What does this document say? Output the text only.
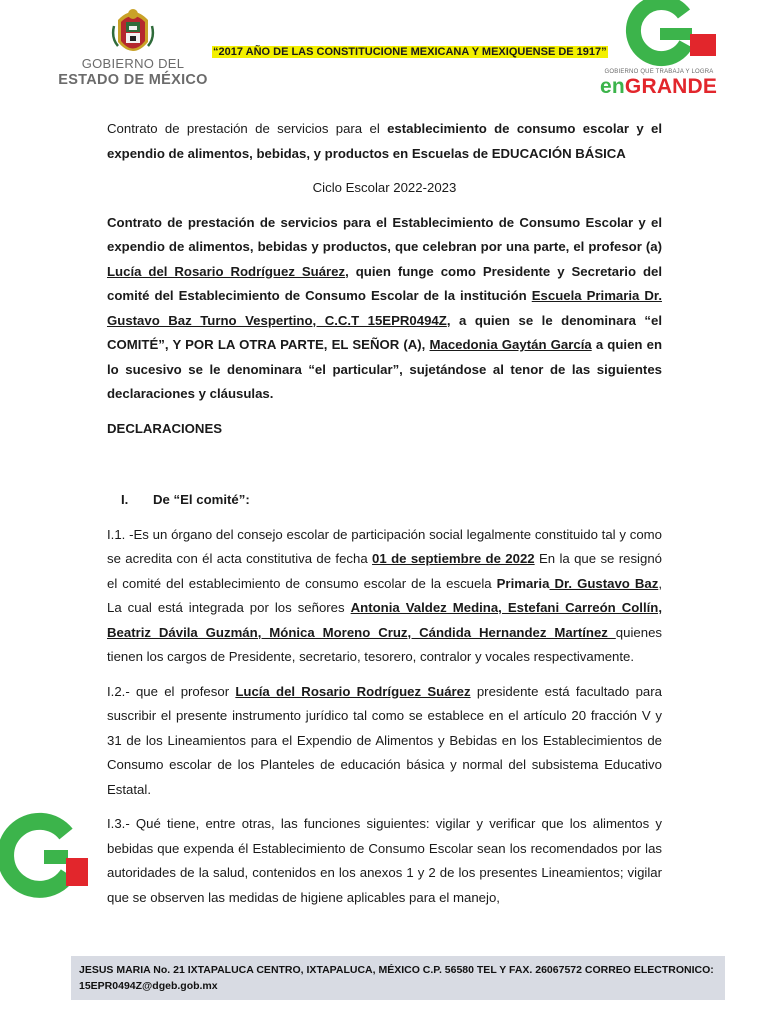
GOBIERNO DEL
ESTADO DE MÉXICO
“2017 AÑO DE LAS CONSTITUCIONE MEXICANA Y MEXIQUENSE DE 1917”
GOBIERNO QUE TRABAJA Y LOGRA
enGRANDE

Contrato de prestación de servicios para el establecimiento de consumo escolar y el expendio de alimentos, bebidas, y productos en Escuelas de EDUCACIÓN BÁSICA

Ciclo Escolar 2022-2023

Contrato de prestación de servicios para el Establecimiento de Consumo Escolar y el expendio de alimentos, bebidas y productos, que celebran por una parte, el profesor (a) Lucía del Rosario Rodríguez Suárez, quien funge como Presidente y Secretario del comité del Establecimiento de Consumo Escolar de la institución Escuela Primaria Dr. Gustavo Baz Turno Vespertino, C.C.T 15EPR0494Z, a quien se le denominara “el COMITÉ”, Y POR LA OTRA PARTE, EL SEÑOR (A), Macedonia Gaytán García a quien en lo sucesivo se le denominara “el particular”, sujetándose al tenor de las siguientes declaraciones y cláusulas.

DECLARACIONES

I. De “El comité”:

I.1. -Es un órgano del consejo escolar de participación social legalmente constituido tal y como se acredita con él acta constitutiva de fecha 01 de septiembre de 2022 En la que se resignó el comité del establecimiento de consumo escolar de la escuela Primaria Dr. Gustavo Baz, La cual está integrada por los señores Antonia Valdez Medina, Estefani Carreón Collín, Beatriz Dávila Guzmán, Mónica Moreno Cruz, Cándida Hernandez Martínez quienes tienen los cargos de Presidente, secretario, tesorero, contralor y vocales respectivamente.

I.2.- que el profesor Lucía del Rosario Rodríguez Suárez presidente está facultado para suscribir el presente instrumento jurídico tal como se establece en el artículo 20 fracción V y 31 de los Lineamientos para el Expendio de Alimentos y Bebidas en los Establecimientos de Consumo escolar de los Planteles de educación básica y normal del subsistema Educativo Estatal.

I.3.- Qué tiene, entre otras, las funciones siguientes: vigilar y verificar que los alimentos y bebidas que expenda él Establecimiento de Consumo Escolar sean los recomendados por las autoridades de la salud, contenidos en los anexos 1 y 2 de los presentes Lineamientos; vigilar que se observen las medidas de higiene aplicables para el manejo,

JESUS MARIA No. 21 IXTAPALUCA CENTRO, IXTAPALUCA, MÉXICO C.P. 56580 TEL Y FAX. 26067572 CORREO ELECTRONICO: 15EPR0494Z@dgeb.gob.mx
